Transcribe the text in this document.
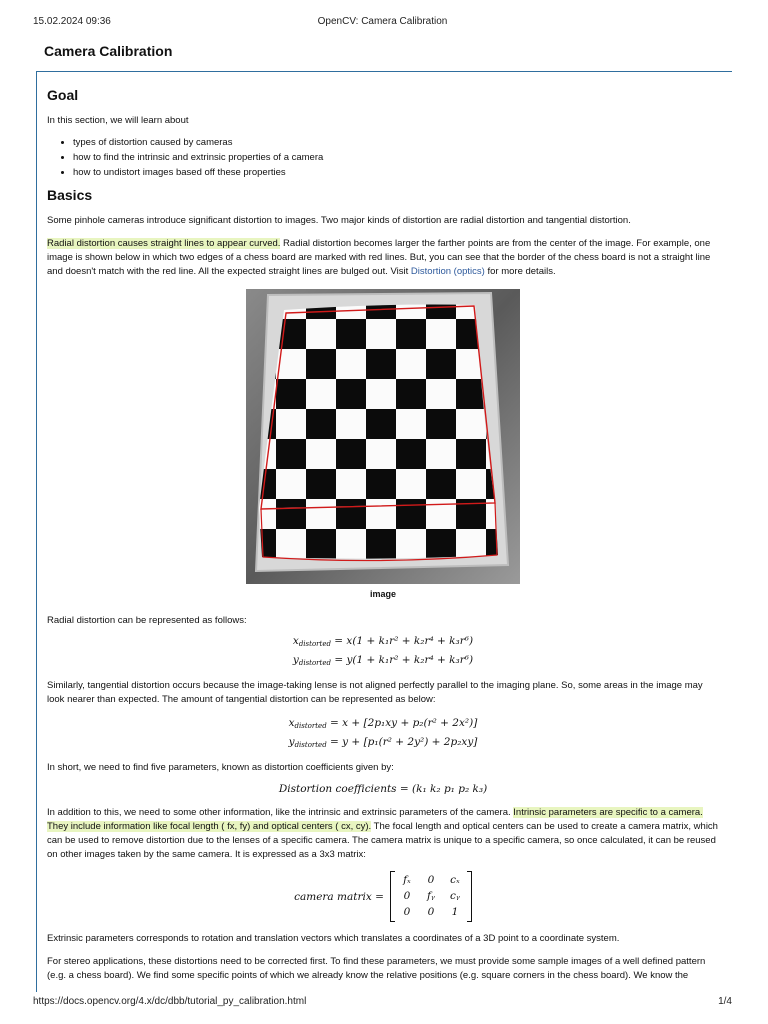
15.02.2024 09:36	OpenCV: Camera Calibration
Camera Calibration
Goal

In this section, we will learn about

• types of distortion caused by cameras
• how to find the intrinsic and extrinsic properties of a camera
• how to undistort images based off these properties
Basics

Some pinhole cameras introduce significant distortion to images. Two major kinds of distortion are radial distortion and tangential distortion.

Radial distortion causes straight lines to appear curved. Radial distortion becomes larger the farther points are from the center of the image. For example, one image is shown below in which two edges of a chess board are marked with red lines. But, you can see that the border of the chess board is not a straight line and doesn't match with the red line. All the expected straight lines are bulged out. Visit Distortion (optics) for more details.

image

Radial distortion can be represented as follows:

$x_{distorted} = x(1 + k_1r^2 + k_2r^4 + k_3r^6)$
$y_{distorted} = y(1 + k_1r^2 + k_2r^4 + k_3r^6)$

Similarly, tangential distortion occurs because the image-taking lense is not aligned perfectly parallel to the imaging plane. So, some areas in the image may look nearer than expected. The amount of tangential distortion can be represented as below:

$x_{distorted} = x + [2p_1xy + p_2(r^2 + 2x^2)]$
$y_{distorted} = y + [p_1(r^2 + 2y^2) + 2p_2xy]$

In short, we need to find five parameters, known as distortion coefficients given by:

Distortion coefficients = (k₁ k₂ p₁ p₂ k₃)

In addition to this, we need to some other information, like the intrinsic and extrinsic parameters of the camera. Intrinsic parameters are specific to a camera. They include information like focal length ( fx, fy) and optical centers ( cx, cy). The focal length and optical centers can be used to create a camera matrix, which can be used to remove distortion due to the lenses of a specific camera. The camera matrix is unique to a specific camera, so once calculated, it can be reused on other images taken by the same camera. It is expressed as a 3x3 matrix:

camera matrix =
fₓ	0	cₓ
0	fᵧ	cᵧ
0	0	1

Extrinsic parameters corresponds to rotation and translation vectors which translates a coordinates of a 3D point to a coordinate system.

For stereo applications, these distortions need to be corrected first. To find these parameters, we must provide some sample images of a well defined pattern (e.g. a chess board). We find some specific points of which we already know the relative positions (e.g. square corners in the chess board). We know the

https://docs.opencv.org/4.x/dc/dbb/tutorial_py_calibration.html	1/4
